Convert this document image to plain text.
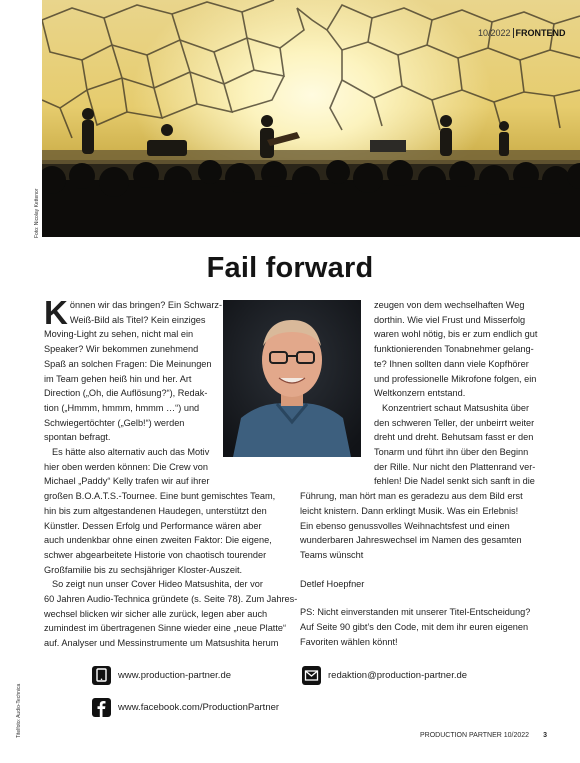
10/2022 FRONTEND
Foto: Nicolay Kettenor
Fail forward
K önnen wir das bringen? Ein Schwarz-
Weiß-Bild als Titel? Kein einziges
Moving-Light zu sehen, nicht mal ein
Speaker? Wir bekommen zunehmend
Spaß an solchen Fragen: Die Meinungen
im Team gehen heiß hin und her. Art
Direction („Oh, die Auflösung?“), Redak-
tion („Hmmm, hmmm, hmmm …“) und
Schwiegertöchter („Gelb!“) werden
spontan befragt.
Es hätte also alternativ auch das Motiv
hier oben werden können: Die Crew von
Michael „Paddy“ Kelly trafen wir auf ihrer
großen B.O.A.T.S.-Tournee. Eine bunt gemischtes Team,
hin bis zum altgestandenen Haudegen, unterstützt den
Künstler. Dessen Erfolg und Performance wären aber
auch undenkbar ohne einen zweiten Faktor: Die eigene,
schwer abgearbeitete Historie von chaotisch tourender
Großfamilie bis zu sechsjähriger Kloster-Auszeit.
So zeigt nun unser Cover Hideo Matsushita, der vor
60 Jahren Audio-Technica gründete (s. Seite 78). Zum Jahres-
wechsel blicken wir sicher alle zurück, legen aber auch
zumindest im übertragenen Sinne wieder eine „neue Platte“
auf. Analyser und Messinstrumente um Matsushita herum
zeugen von dem wechselhaften Weg
dorthin. Wie viel Frust und Misserfolg
waren wohl nötig, bis er zum endlich gut
funktionierenden Tonabnehmer gelang-
te? Ihnen sollten dann viele Kopfhörer
und professionelle Mikrofone folgen, ein
Weltkonzern entstand.
Konzentriert schaut Matsushita über
den schweren Teller, der unbeirrt weiter
dreht und dreht. Behutsam fasst er den
Tonarm und führt ihn über den Beginn
der Rille. Nur nicht den Plattenrand ver-
fehlen! Die Nadel senkt sich sanft in die
Führung, man hört man es geradezu aus dem Bild erst
leicht knistern. Dann erklingt Musik. Was ein Erlebnis!
Ein ebenso genussvolles Weihnachtsfest und einen
wunderbaren Jahreswechsel im Namen des gesamten
Teams wünscht
Detlef Hoepfner
PS: Nicht einverstanden mit unserer Titel-Entscheidung?
Auf Seite 90 gibt’s den Code, mit dem ihr euren eigenen
Favoriten wählen könnt!
www.production-partner.de
www.facebook.com/ProductionPartner
redaktion@production-partner.de
Titelfoto: Audio-Technica	PRODUCTION PARTNER 10/2022 3
